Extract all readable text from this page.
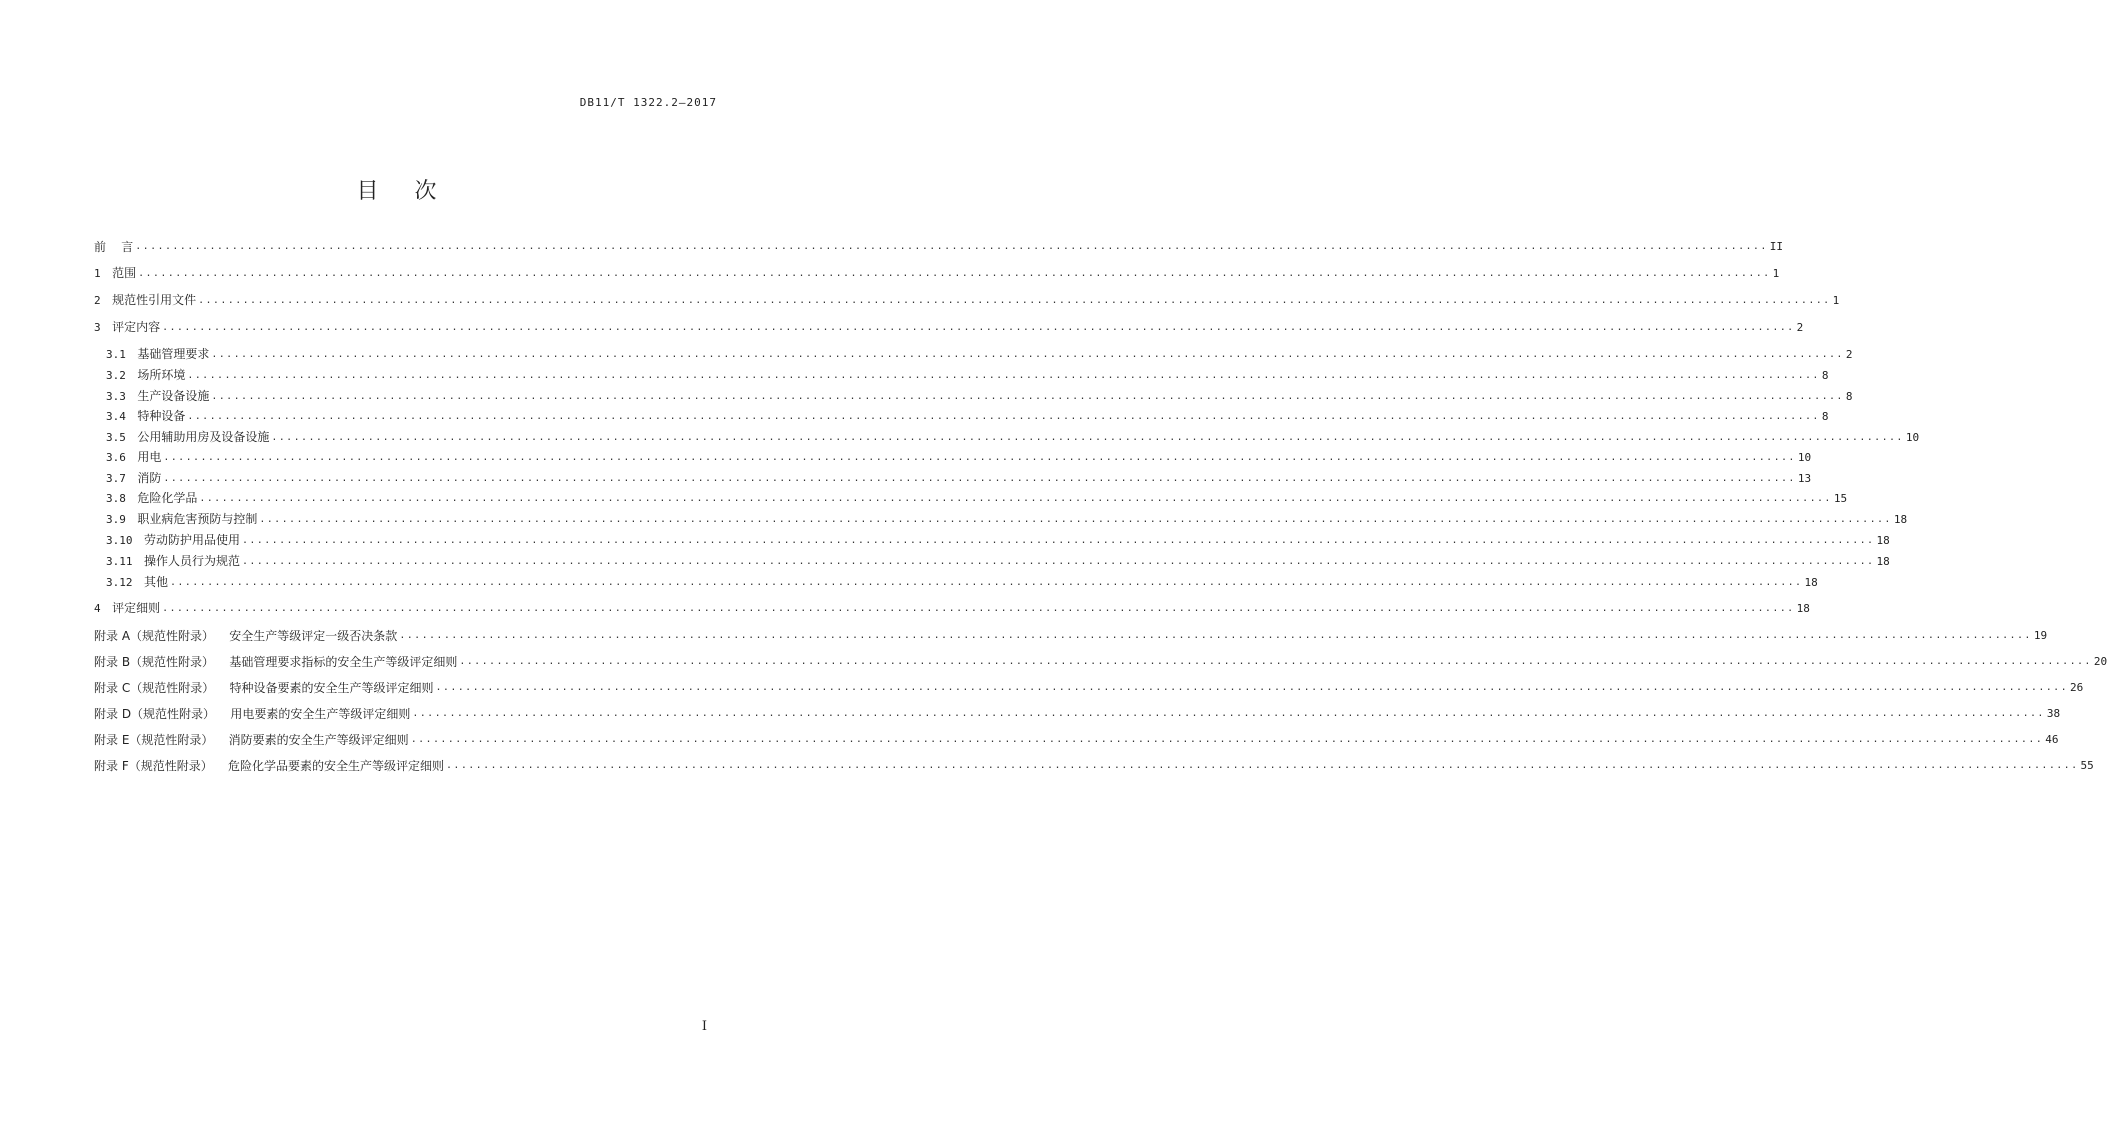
DB11/T 1322.2—2017
目次
前    言 ............................................................................................................................................................................................................................ II
1 范围 ............................................................................................................................................................................................................................ 1
2 规范性引用文件 ............................................................................................................................................................................................................................ 1
3 评定内容 ............................................................................................................................................................................................................................ 2
3.1 基础管理要求 ............................................................................................................................................................................................................................ 2
3.2 场所环境 ............................................................................................................................................................................................................................ 8
3.3 生产设备设施 ............................................................................................................................................................................................................................ 8
3.4 特种设备 ............................................................................................................................................................................................................................ 8
3.5 公用辅助用房及设备设施 ............................................................................................................................................................................................................................ 10
3.6 用电 ............................................................................................................................................................................................................................ 10
3.7 消防 ............................................................................................................................................................................................................................ 13
3.8 危险化学品 ............................................................................................................................................................................................................................ 15
3.9 职业病危害预防与控制 ............................................................................................................................................................................................................................ 18
3.10 劳动防护用品使用 ............................................................................................................................................................................................................................ 18
3.11 操作人员行为规范 ............................................................................................................................................................................................................................ 18
3.12 其他 ............................................................................................................................................................................................................................ 18
4 评定细则 ............................................................................................................................................................................................................................ 18
附录 A（规范性附录） 安全生产等级评定一级否决条款 ............................................................................................................................................................................................................................ 19
附录 B（规范性附录） 基础管理要求指标的安全生产等级评定细则 ............................................................................................................................................................................................................................ 20
附录 C（规范性附录） 特种设备要素的安全生产等级评定细则 ............................................................................................................................................................................................................................ 26
附录 D（规范性附录） 用电要素的安全生产等级评定细则 ............................................................................................................................................................................................................................ 38
附录 E（规范性附录） 消防要素的安全生产等级评定细则 ............................................................................................................................................................................................................................ 46
附录 F（规范性附录） 危险化学品要素的安全生产等级评定细则 ............................................................................................................................................................................................................................ 55
I
